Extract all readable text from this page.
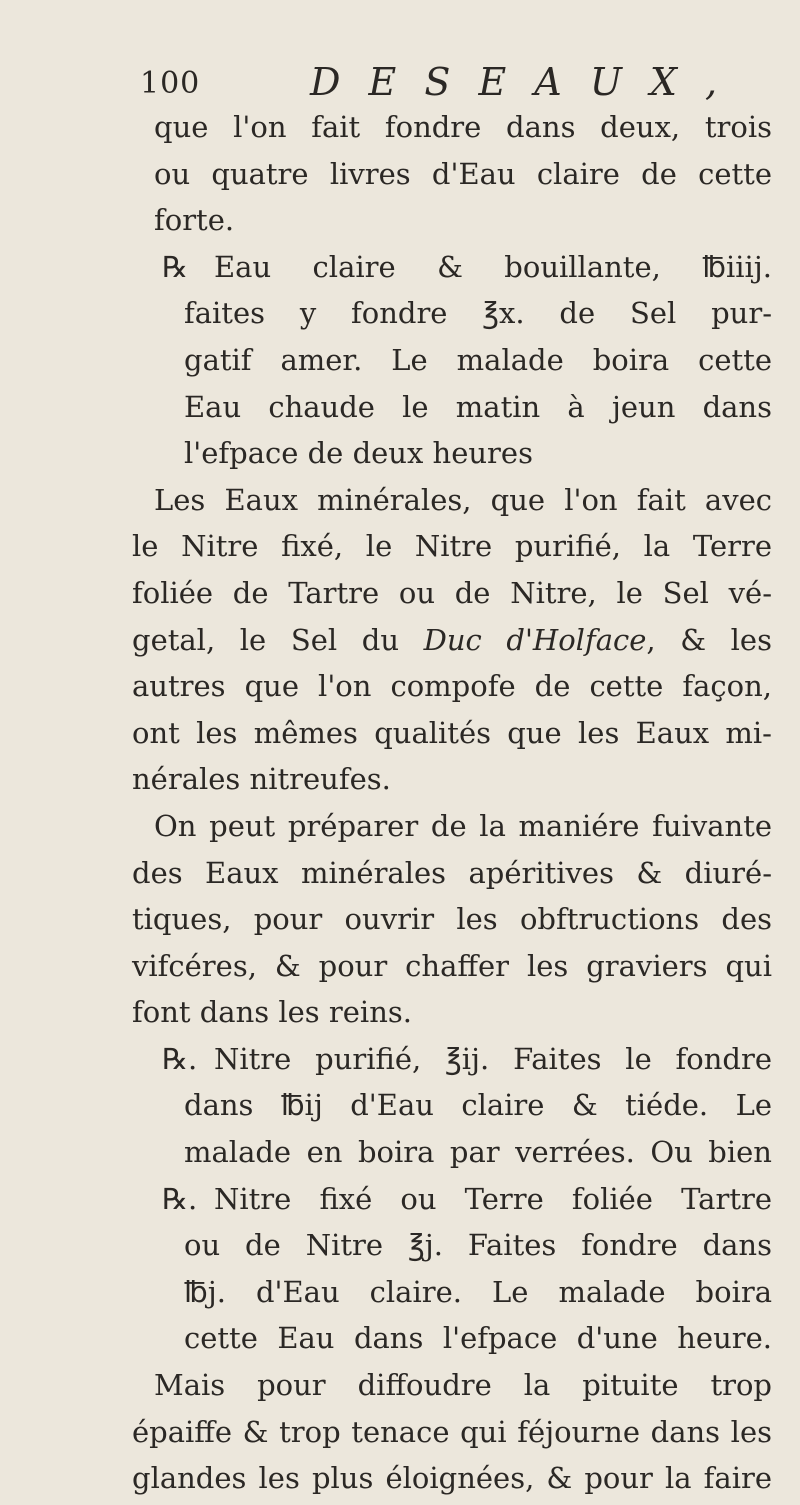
100	D E S E A U X ,
que l'on fait fondre dans deux, trois
ou quatre livres d'Eau claire de cette
forte.
℞ Eau claire & bouillante, ℔iiij.
faites y fondre ℥x. de Sel pur-
gatif amer. Le malade boira cette
Eau chaude le matin à jeun dans
l'efpace de deux heures
Les Eaux minérales, que l'on fait avec
le Nitre fixé, le Nitre purifié, la Terre
foliée de Tartre ou de Nitre, le Sel vé-
getal, le Sel du Duc d'Holface, & les
autres que l'on compofe de cette façon,
ont les mêmes qualités que les Eaux mi-
nérales nitreufes.
On peut préparer de la maniére fuivante
des Eaux minérales apéritives & diuré-
tiques, pour ouvrir les obftructions des
vifcéres, & pour chaffer les graviers qui
font dans les reins.
℞. Nitre purifié, ℥ij. Faites le fondre
dans ℔ij d'Eau claire & tiéde. Le
malade en boira par verrées. Ou bien
℞. Nitre fixé ou Terre foliée Tartre
ou de Nitre ℥j. Faites fondre dans
℔j. d'Eau claire. Le malade boira
cette Eau dans l'efpace d'une heure.
Mais pour diffoudre la pituite trop
épaiffe & trop tenace qui féjourne dans les
glandes les plus éloignées, & pour la faire
